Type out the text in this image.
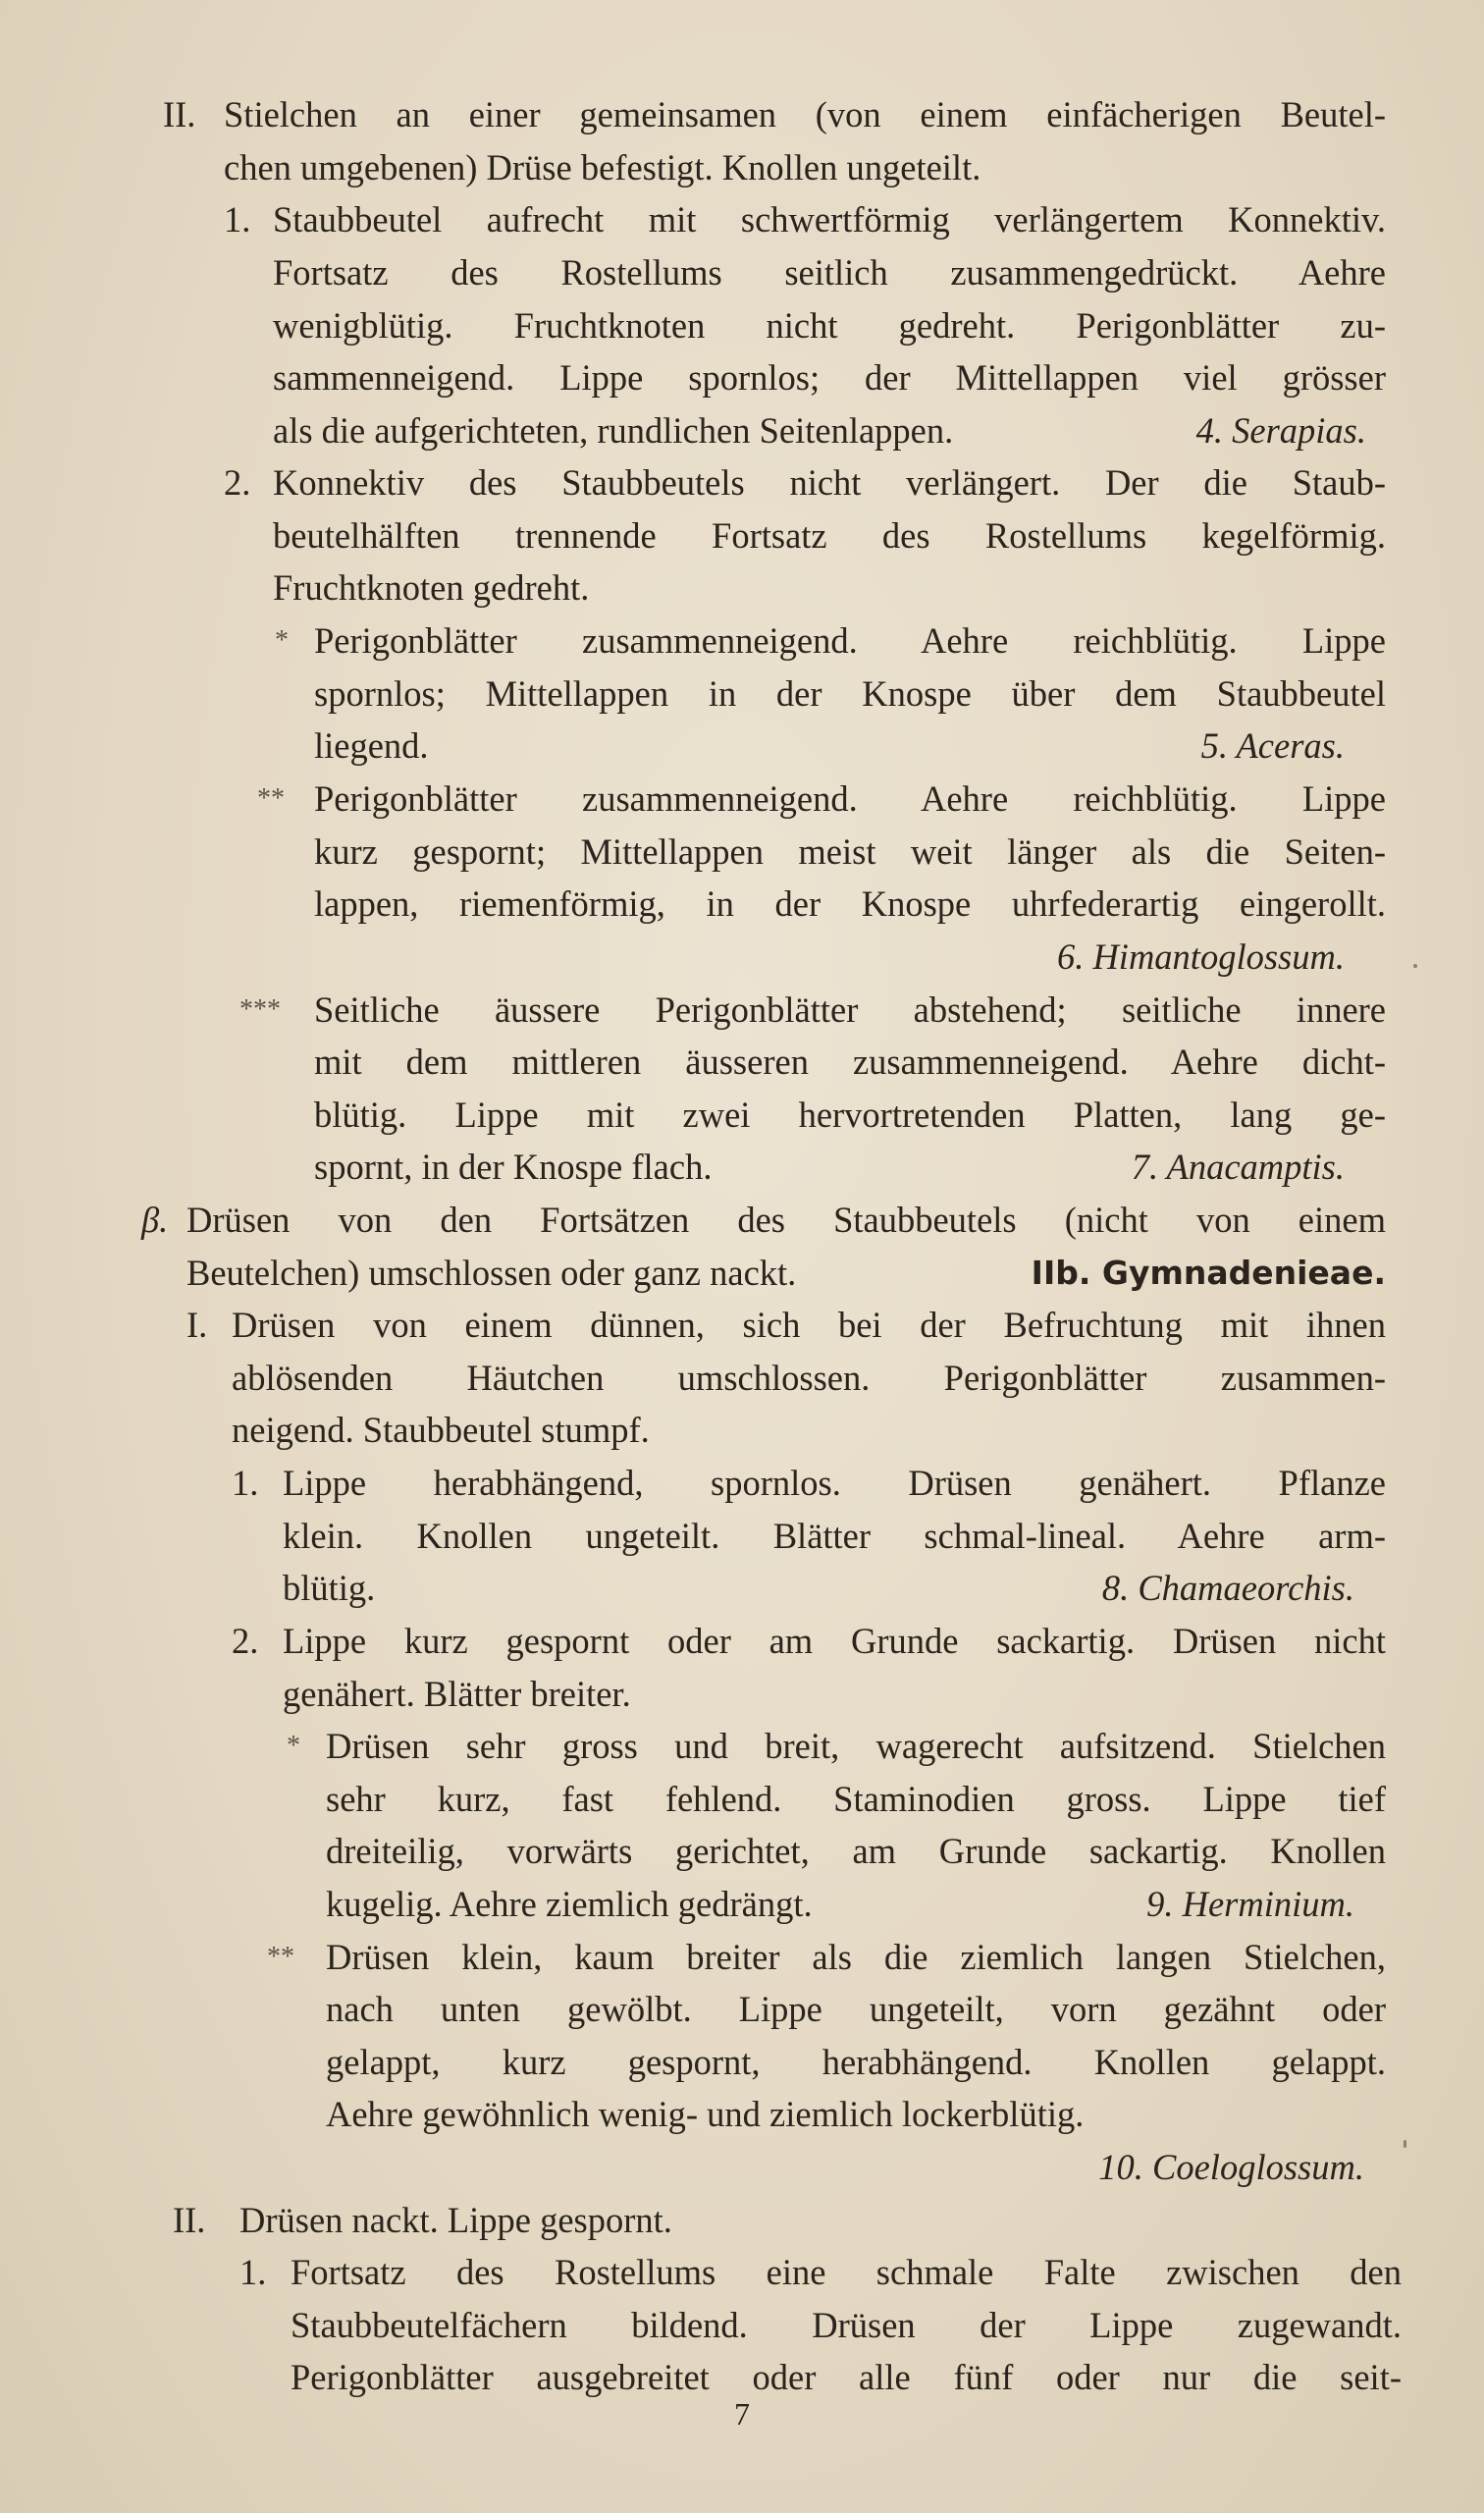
II. Stielchen an einer gemeinsamen (von einem einfächerigen Beutel-
chen umgebenen) Drüse befestigt. Knollen ungeteilt.
1. Staubbeutel aufrecht mit schwertförmig verlängertem Konnektiv.
Fortsatz des Rostellums seitlich zusammengedrückt. Aehre
wenigblütig. Fruchtknoten nicht gedreht. Perigonblätter zu-
sammenneigend. Lippe spornlos; der Mittellappen viel grösser
als die aufgerichteten, rundlichen Seitenlappen.	4. Serapias.
2. Konnektiv des Staubbeutels nicht verlängert. Der die Staub-
beutelhälften trennende Fortsatz des Rostellums kegelförmig.
Fruchtknoten gedreht.
* Perigonblätter zusammenneigend. Aehre reichblütig. Lippe
spornlos; Mittellappen in der Knospe über dem Staubbeutel
liegend.	5. Aceras.
** Perigonblätter zusammenneigend. Aehre reichblütig. Lippe
kurz gespornt; Mittellappen meist weit länger als die Seiten-
lappen, riemenförmig, in der Knospe uhrfederartig eingerollt.
6. Himantoglossum.
*** Seitliche äussere Perigonblätter abstehend; seitliche innere
mit dem mittleren äusseren zusammenneigend. Aehre dicht-
blütig. Lippe mit zwei hervortretenden Platten, lang ge-
spornt, in der Knospe flach.	7. Anacamptis.
β. Drüsen von den Fortsätzen des Staubbeutels (nicht von einem
Beutelchen) umschlossen oder ganz nackt.	IIb. Gymnadenieae.
I. Drüsen von einem dünnen, sich bei der Befruchtung mit ihnen
ablösenden Häutchen umschlossen. Perigonblätter zusammen-
neigend. Staubbeutel stumpf.
1. Lippe herabhängend, spornlos. Drüsen genähert. Pflanze
klein. Knollen ungeteilt. Blätter schmal-lineal. Aehre arm-
blütig.	8. Chamaeorchis.
2. Lippe kurz gespornt oder am Grunde sackartig. Drüsen nicht
genähert. Blätter breiter.
* Drüsen sehr gross und breit, wagerecht aufsitzend. Stielchen
sehr kurz, fast fehlend. Staminodien gross. Lippe tief
dreiteilig, vorwärts gerichtet, am Grunde sackartig. Knollen
kugelig. Aehre ziemlich gedrängt.	9. Herminium.
** Drüsen klein, kaum breiter als die ziemlich langen Stielchen,
nach unten gewölbt. Lippe ungeteilt, vorn gezähnt oder
gelappt, kurz gespornt, herabhängend. Knollen gelappt.
Aehre gewöhnlich wenig- und ziemlich lockerblütig.
10. Coeloglossum.
II. Drüsen nackt. Lippe gespornt.
1. Fortsatz des Rostellums eine schmale Falte zwischen den
Staubbeutelfächern bildend. Drüsen der Lippe zugewandt.
Perigonblätter ausgebreitet oder alle fünf oder nur die seit-
7
